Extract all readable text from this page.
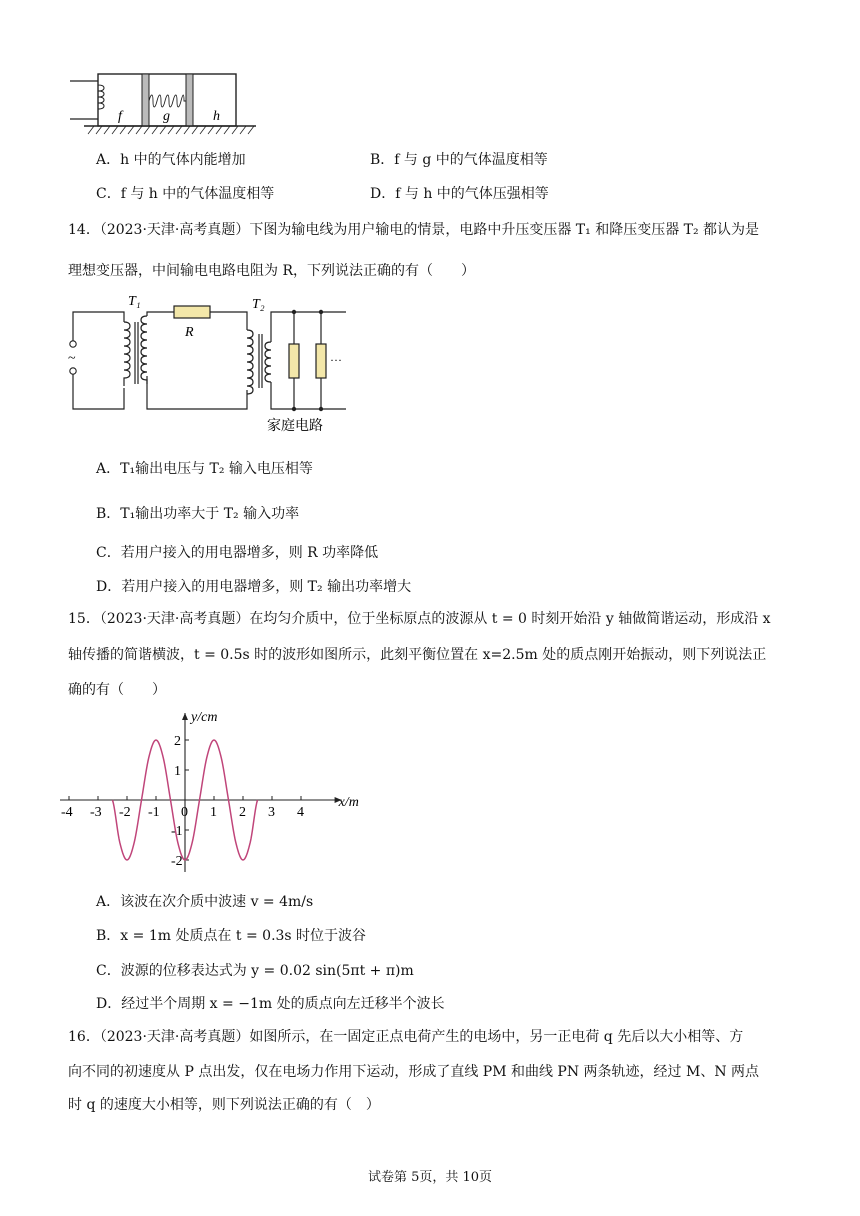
f	g	h
A．h 中的气体内能增加	B．f 与 g 中的气体温度相等
C．f 与 h 中的气体温度相等	D．f 与 h 中的气体压强相等
14．（2023·天津·高考真题）下图为输电线为用户输电的情景，电路中升压变压器 T₁ 和降压变压器 T₂ 都认为是
理想变压器，中间输电电路电阻为 R，下列说法正确的有（　　）
~
T₁
R
T₂
···
家庭电路
A．T₁输出电压与 T₂ 输入电压相等
B．T₁输出功率大于 T₂ 输入功率
C．若用户接入的用电器增多，则 R 功率降低
D．若用户接入的用电器增多，则 T₂ 输出功率增大
15．（2023·天津·高考真题）在均匀介质中，位于坐标原点的波源从 t = 0 时刻开始沿 y 轴做简谐运动，形成沿 x
轴传播的简谐横波，t = 0.5s 时的波形如图所示，此刻平衡位置在 x=2.5m 处的质点刚开始振动，则下列说法正
确的有（　　）
-4 -3 -2 -1 0 1 2 3 4
2
1
-1
-2
x/m
y/cm
A．该波在次介质中波速 v = 4m/s
B．x = 1m 处质点在 t = 0.3s 时位于波谷
C．波源的位移表达式为 y = 0.02 sin(5πt + π)m
D．经过半个周期 x = −1m 处的质点向左迁移半个波长
16．（2023·天津·高考真题）如图所示，在一固定正点电荷产生的电场中，另一正电荷 q 先后以大小相等、方
向不同的初速度从 P 点出发，仅在电场力作用下运动，形成了直线 PM 和曲线 PN 两条轨迹，经过 M、N 两点
时 q 的速度大小相等，则下列说法正确的有（　）
试卷第 5页，共 10页
